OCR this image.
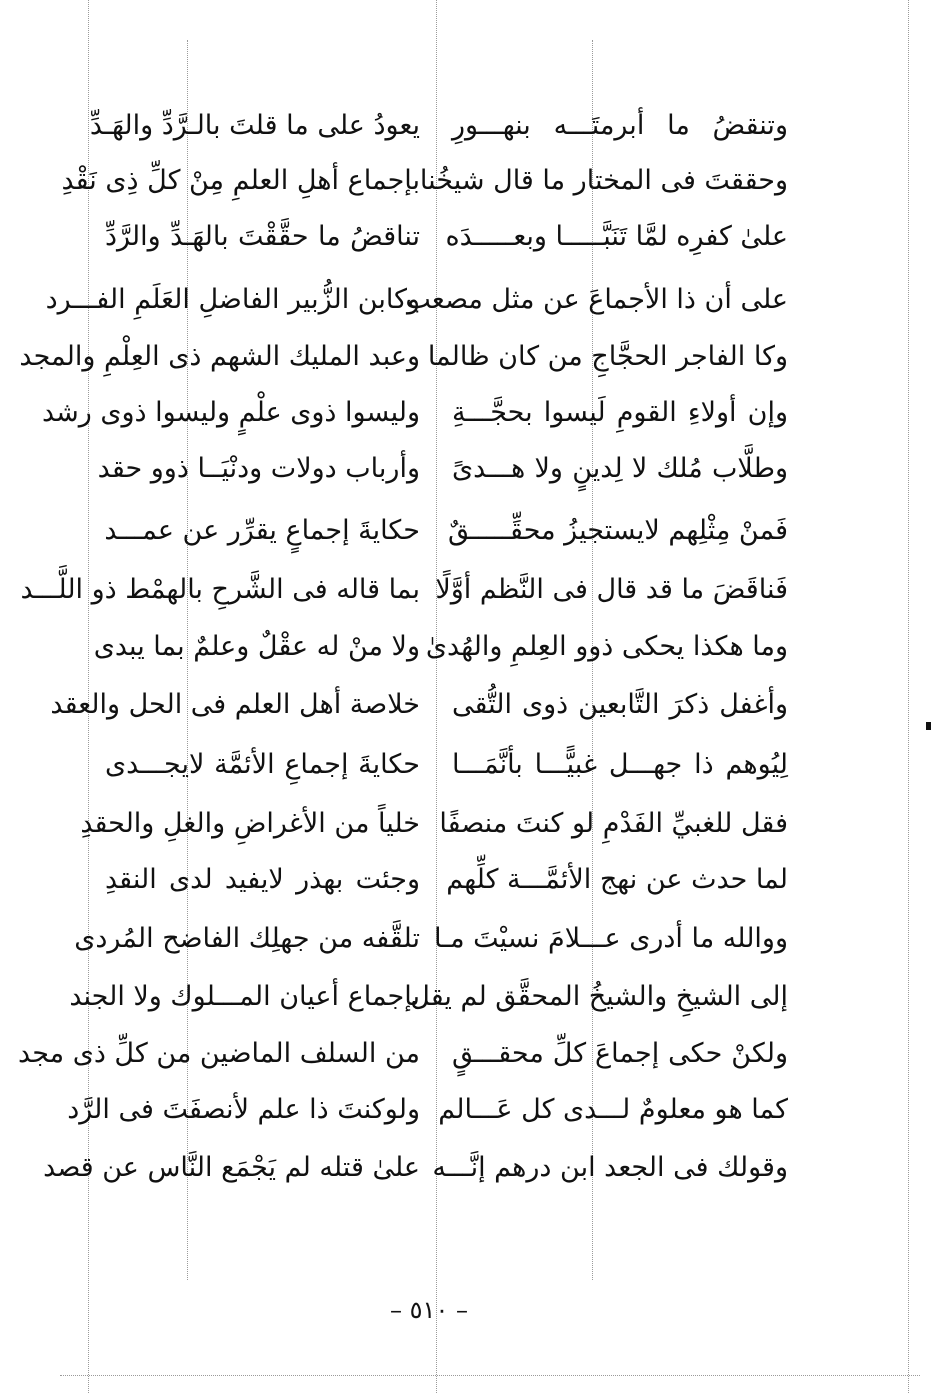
وتنقضُ ما أبرمتَـــه بنهـــورِ
يعودُ على ما قلتَ بالـرَّدِّ والهَـدِّ
وحققتَ فى المختار ما قال شيخُنا
بإجماع أهلِ العلمِ مِنْ كلِّ ذِى نَقْدِ
علىٰ كفرِه لمَّا تَنَبَّـــــا وبعـــــدَه
تناقضُ ما حقَّقْتَ بالهَـدِّ والرَّدِّ
على أن ذا الأجماعَ عن مثل مصعب
وكابن الزُّبير الفاضلِ العَلَمِ الفـــرد
وكا الفاجر الحجَّاجِ من كان ظالما
وعبد المليك الشهم ذى العِلْمِ والمجد
وإن أولاءِ القومِ لَيسوا بحجَّـــةِ
وليسوا ذوى علْمٍ وليسوا ذوى رشد
وطلَّاب مُلك لا لِدينٍ ولا هـــدىً
وأرباب دولات ودنْيَــا ذوو حقد
فَمنْ مِثْلِهم لايستجيزُ محقِّـــــقٌ
حكايةَ إجماعٍ يقرِّر عن عمـــد
فَناقَضَ ما قد قال فى النَّظم أوَّلًا
بما قاله فى الشَّرحِ بالهمْط ذو اللَّـــد
وما هكذا يحكى ذوو العِلمِ والهُدىٰ
ولا منْ له عقْلٌ وعلمٌ بما يبدى
وأغفل ذكرَ التَّابعين ذوى التُّقى
خلاصة أهل العلم فى الحل والعقد
لِيُوهم ذا جهـــل غبيًّـــا بأنَّمَـــا
حكايةَ إجماعِ الأئمَّة لايجـــدى
فقل للغبيِّ الفَدْمِ لو كنتَ منصفًا
خلياً من الأغراضِ والغلِ والحقدِ
لما حدث عن نهج الأئمَّـــة كلِّهم
وجئت بهذر لايفيد لدى النقدِ
ووالله ما أدرى عـــلامَ نسيْتَ مـا
تلقَّفه من جهلِك الفاضح المُردى
إلى الشيخِ والشيخُ المحقَّق لم يقل
بإجماع أعيان المـــلوك ولا الجند
ولكنْ حكى إجماعَ كلِّ محقـــقٍ
من السلف الماضين من كلِّ ذى مجد
كما هو معلومٌ لـــدى كل عَـــالم
ولوكنتَ ذا علم لأنصفَتَ فى الرَّد
وقولك فى الجعد ابن درهم إنَّـــه
علىٰ قتله لم يَجْمَع النَّاس عن قصد
– ٥١٠ –
